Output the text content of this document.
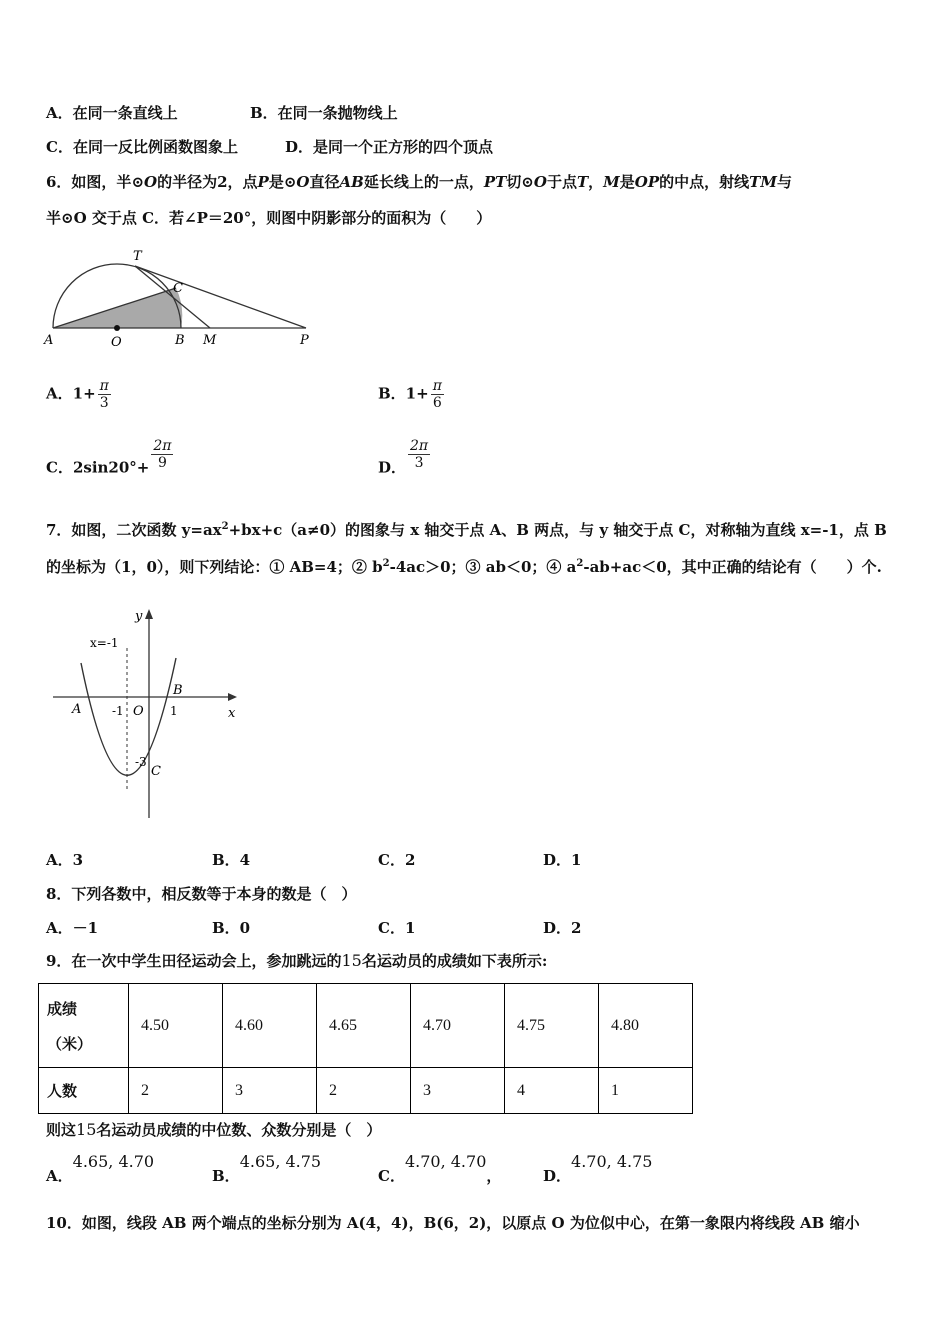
A．在同一条直线上	B．在同一条抛物线上
C．在同一反比例函数图象上	D．是同一个正方形的四个顶点
6．如图，半⊙O的半径为2，点P是⊙O直径AB延长线上的一点，PT切⊙O于点T，M是OP的中点，射线TM与
半⊙O 交于点 C．若∠P＝20°，则图中阴影部分的面积为（　　）
A	O	B M	P
T
C
A．$1+ \frac{\pi}{3}$	B．$1+ \frac{\pi}{6}$
C．$2\sin 20^\circ+ \frac{2\pi}{9}$	D． $\frac{2\pi}{3}$
7．如图，二次函数 $y=ax^2+bx+c(a\ne 0)$的图象与 x 轴交于点 A、B 两点，与 y 轴交于点 C，对称轴为直线 x=-1，点 B
的坐标为（1，0），则下列结论：① AB=4；② $b^2-4ac>0$；③ ab＜0；④ $a^2-ab+ac<0$，其中正确的结论有（　　）个.
y
x
x=-1
A	-1 O 1
B
-3
C
A．3	B．4	C．2	D．1
8．下列各数中，相反数等于本身的数是（　）
A．－1	B．0	C．1	D．2
9．在一次中学生田径运动会上，参加跳远的15名运动员的成绩如下表所示:
成绩
（米）	4.50	4.60	4.65	4.70	4.75	4.80
人数	2	3	2	3	4	1
则这15名运动员成绩的中位数、众数分别是（　）
A．4.65, 4.70
B．4.65, 4.75
C．4.70, 4.70，	D．4.70, 4.75
10．如图，线段 AB 两个端点的坐标分别为 A(4，4)，B(6，2)，以原点 O 为位似中心，在第一象限内将线段 AB 缩小
